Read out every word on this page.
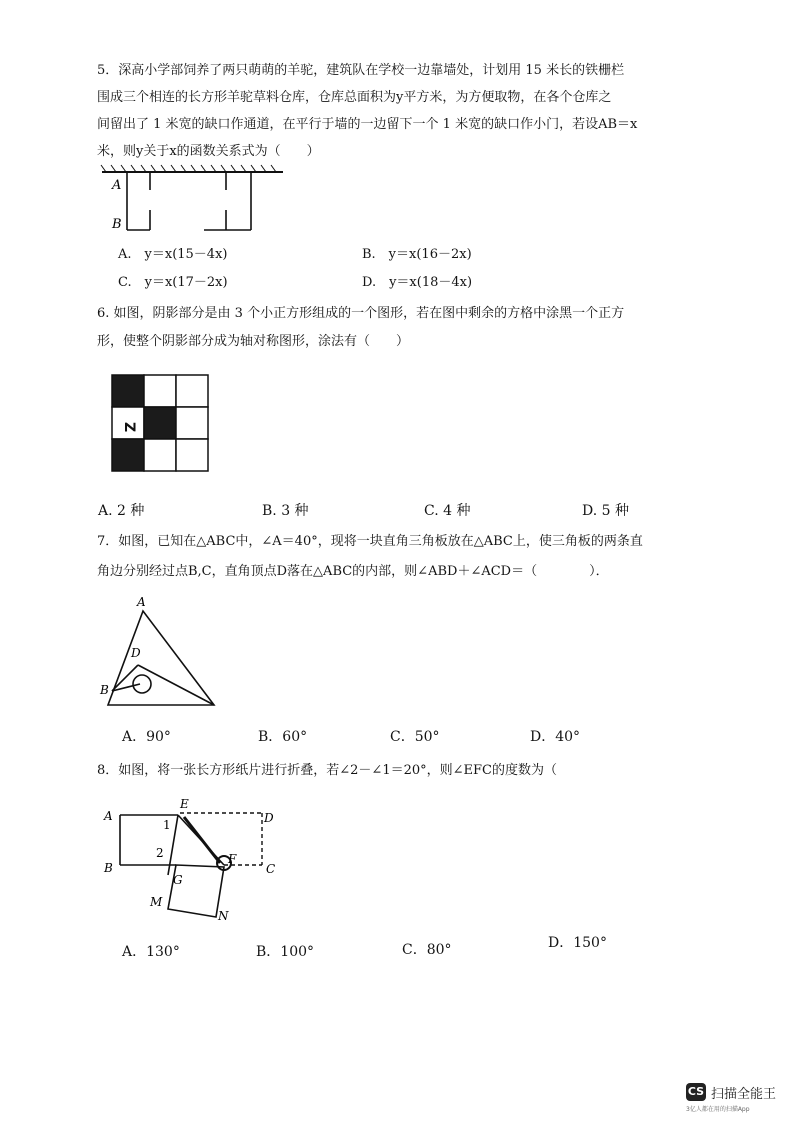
5．深高小学部饲养了两只萌萌的羊驼，建筑队在学校一边靠墙处，计划用 15 米长的铁栅栏
围成三个相连的长方形羊驼草料仓库，仓库总面积为y平方米，为方便取物，在各个仓库之
间留出了 1 米宽的缺口作通道，在平行于墙的一边留下一个 1 米宽的缺口作小门，若设AB＝x
米，则y关于x的函数关系式为（　　）
A
B
A.　y＝x(15－4x)	B.　y＝x(16－2x)
C.　y＝x(17－2x)	D.　y＝x(18－4x)
6. 如图，阴影部分是由 3 个小正方形组成的一个图形，若在图中剩余的方格中涂黑一个正方
形，使整个阴影部分成为轴对称图形，涂法有（　　）
Z
A. 2 种	B. 3 种	C. 4 种	D. 5 种
7．如图，已知在△ABC中，∠A＝40°，现将一块直角三角板放在△ABC上，使三角板的两条直
角边分别经过点B,C，直角顶点D落在△ABC的内部，则∠ABD＋∠ACD＝（　　　　）．
A
D
B
A．90°	B．60°	C．50°	D．40°
8．如图，将一张长方形纸片进行折叠，若∠2－∠1＝20°，则∠EFC的度数为（
A
B	C
D
E
F
G
M
N
1
2
A．130°	B．100°	C．80°	D．150°
CS 扫描全能王
3亿人都在用的扫描App
